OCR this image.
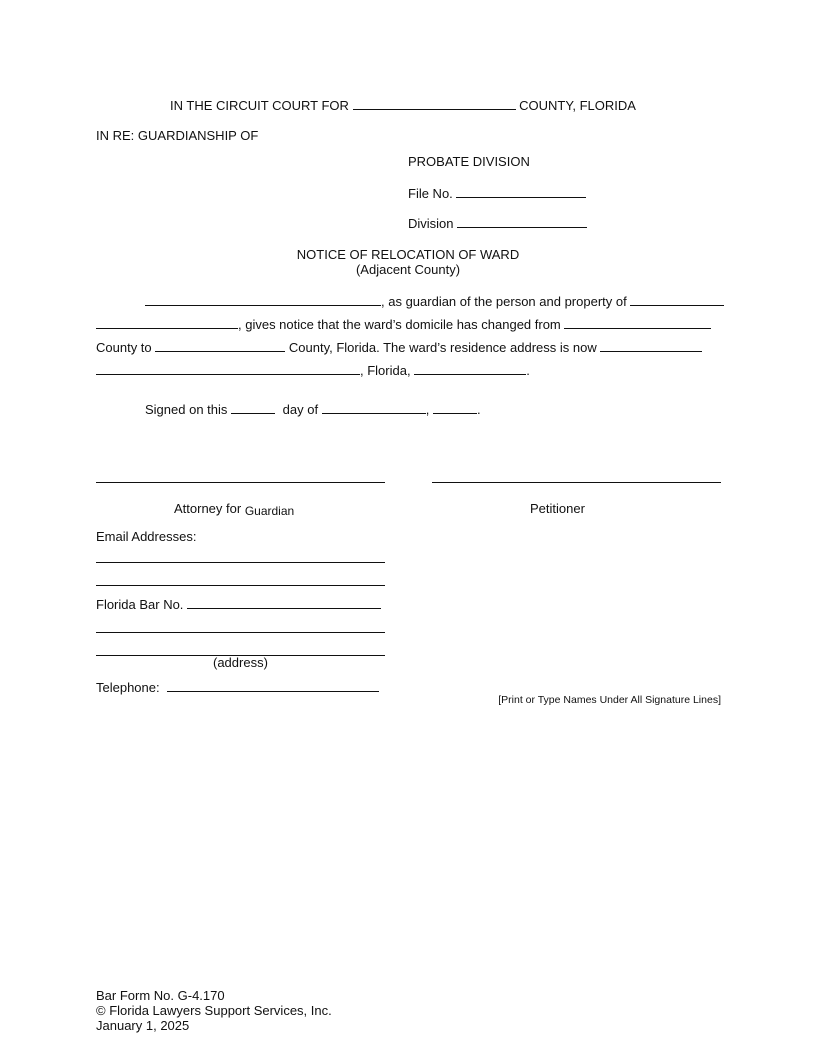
IN THE CIRCUIT COURT FOR	COUNTY, FLORIDA
IN RE: GUARDIANSHIP OF
PROBATE DIVISION
File No.
Division
NOTICE OF RELOCATION OF WARD
(Adjacent County)
, as guardian of the person and property of
, gives notice that the ward’s domicile has changed from
County to	County, Florida. The ward’s residence address is now
, Florida,	.
Signed on this	day of	,	.
Attorney for Guardian	Petitioner
Email Addresses:
Florida Bar No.
(address)
Telephone:
[Print or Type Names Under All Signature Lines]
Bar Form No. G-4.170
© Florida Lawyers Support Services, Inc.
January 1, 2025
